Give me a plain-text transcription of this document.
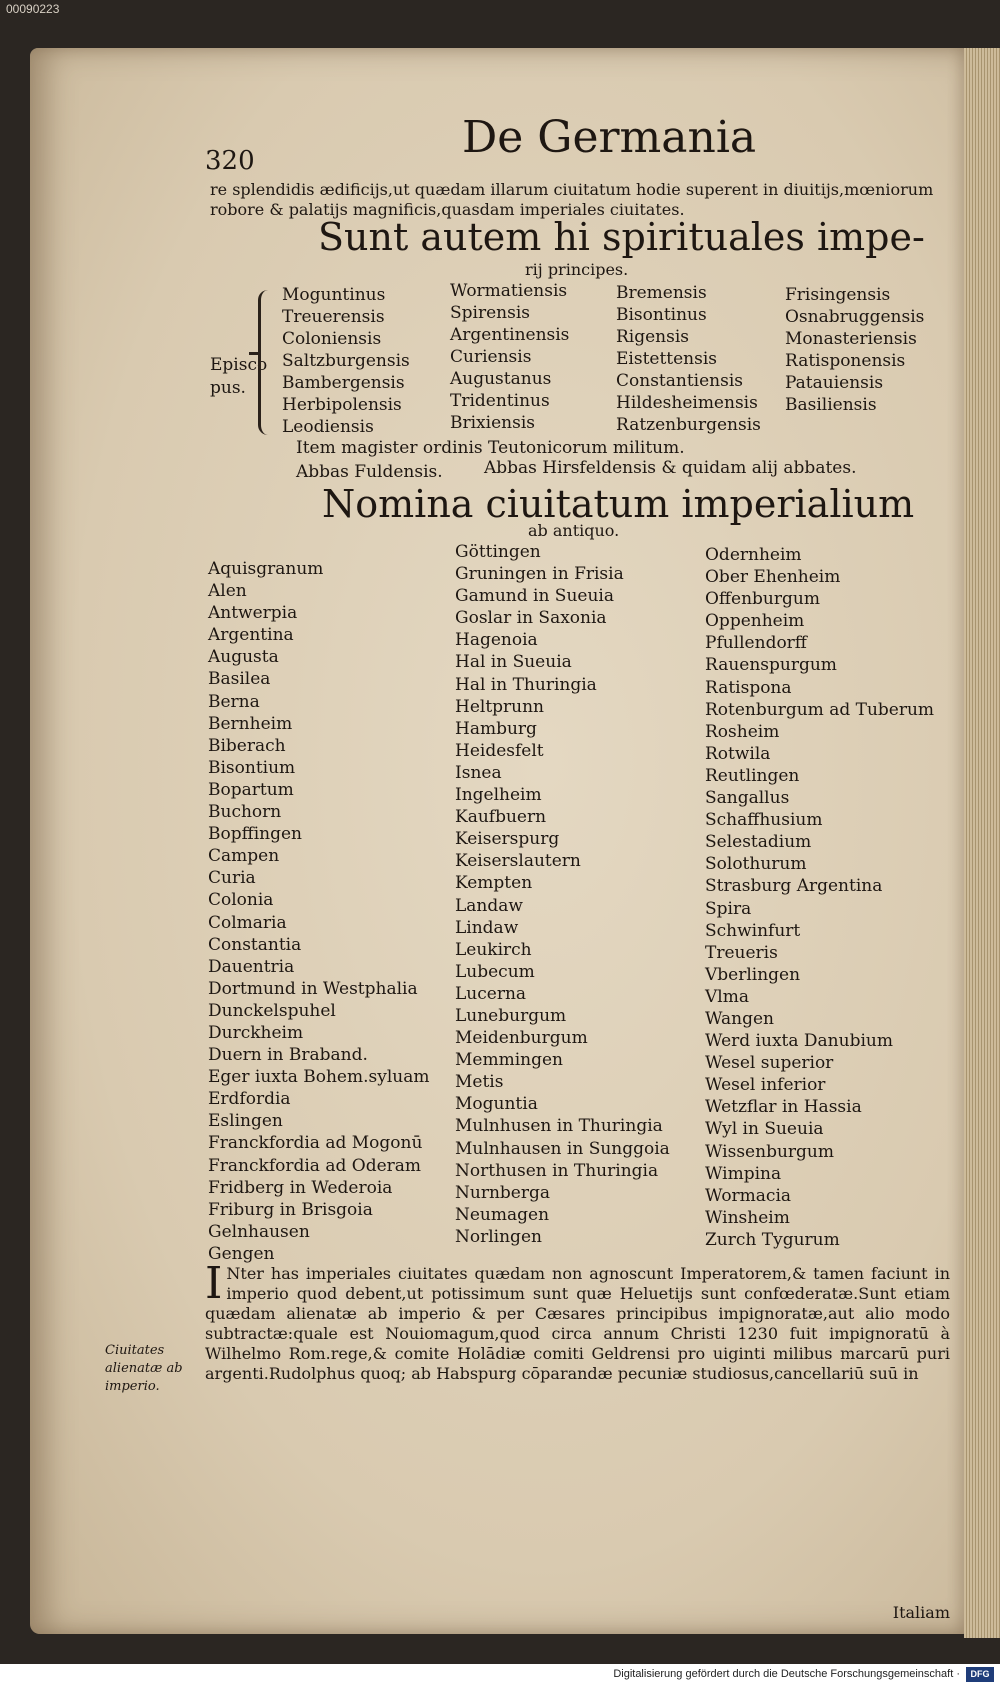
00090223
320	De Germania
re splendidis ædificijs,ut quædam illarum ciuitatum hodie superent in diuitijs,mœniorum
robore & palatijs magnificis,quasdam imperiales ciuitates.
Sunt autem hi spirituales impe-
rij principes.
Episco
pus.
Moguntinus
Treuerensis
Coloniensis
Saltzburgensis
Bambergensis
Herbipolensis
Leodiensis
Wormatiensis
Spirensis
Argentinensis
Curiensis
Augustanus
Tridentinus
Brixiensis
Bremensis
Bisontinus
Rigensis
Eistettensis
Constantiensis
Hildesheimensis
Ratzenburgensis
Frisingensis
Osnabruggensis
Monasteriensis
Ratisponensis
Patauiensis
Basiliensis
Item magister ordinis Teutonicorum militum.
Abbas Fuldensis. Abbas Hirsfeldensis & quidam alij abbates.
Nomina ciuitatum imperialium
ab antiquo.
Aquisgranum
Alen
Antwerpia
Argentina
Augusta
Basilea
Berna
Bernheim
Biberach
Bisontium
Bopartum
Buchorn
Bopffingen
Campen
Curia
Colonia
Colmaria
Constantia
Dauentria
Dortmund in Westphalia
Dunckelspuhel
Durckheim
Duern in Braband.
Eger iuxta Bohem.syluam
Erdfordia
Eslingen
Franckfordia ad Mogonū
Franckfordia ad Oderam
Fridberg in Wederoia
Friburg in Brisgoia
Gelnhausen
Gengen
Göttingen
Gruningen in Frisia
Gamund in Sueuia
Goslar in Saxonia
Hagenoia
Hal in Sueuia
Hal in Thuringia
Heltprunn
Hamburg
Heidesfelt
Isnea
Ingelheim
Kaufbuern
Keiserspurg
Keiserslautern
Kempten
Landaw
Lindaw
Leukirch
Lubecum
Lucerna
Luneburgum
Meidenburgum
Memmingen
Metis
Moguntia
Mulnhusen in Thuringia
Mulnhausen in Sunggoia
Northusen in Thuringia
Nurnberga
Neumagen
Norlingen
Odernheim
Ober Ehenheim
Offenburgum
Oppenheim
Pfullendorff
Rauenspurgum
Ratispona
Rotenburgum ad Tuberum
Rosheim
Rotwila
Reutlingen
Sangallus
Schaffhusium
Selestadium
Solothurum
Strasburg Argentina
Spira
Schwinfurt
Treueris
Vberlingen
Vlma
Wangen
Werd iuxta Danubium
Wesel superior
Wesel inferior
Wetzflar in Hassia
Wyl in Sueuia
Wissenburgum
Wimpina
Wormacia
Winsheim
Zurch Tygurum
I Nter has imperiales ciuitates quædam non agnoscunt Imperatorem,& tamen faciunt in imperio quod debent,ut potissimum sunt quæ Heluetijs sunt confœderatæ.Sunt etiam quædam alienatæ ab imperio & per Cæsares principibus impignoratæ,aut alio modo subtractæ:quale est Nouiomagum,quod circa annum Christi 1230 fuit impignoratū à Wilhelmo Rom.rege,& comite Holādiæ comiti Geldrensi pro uiginti milibus marcarū puri argenti.Rudolphus quoq; ab Habspurg cōparandæ pecuniæ studiosus,cancellariū suū in
Ciuitates alienatæ ab imperio.
Italiam
Digitalisierung gefördert durch die Deutsche Forschungsgemeinschaft ·	DFG
